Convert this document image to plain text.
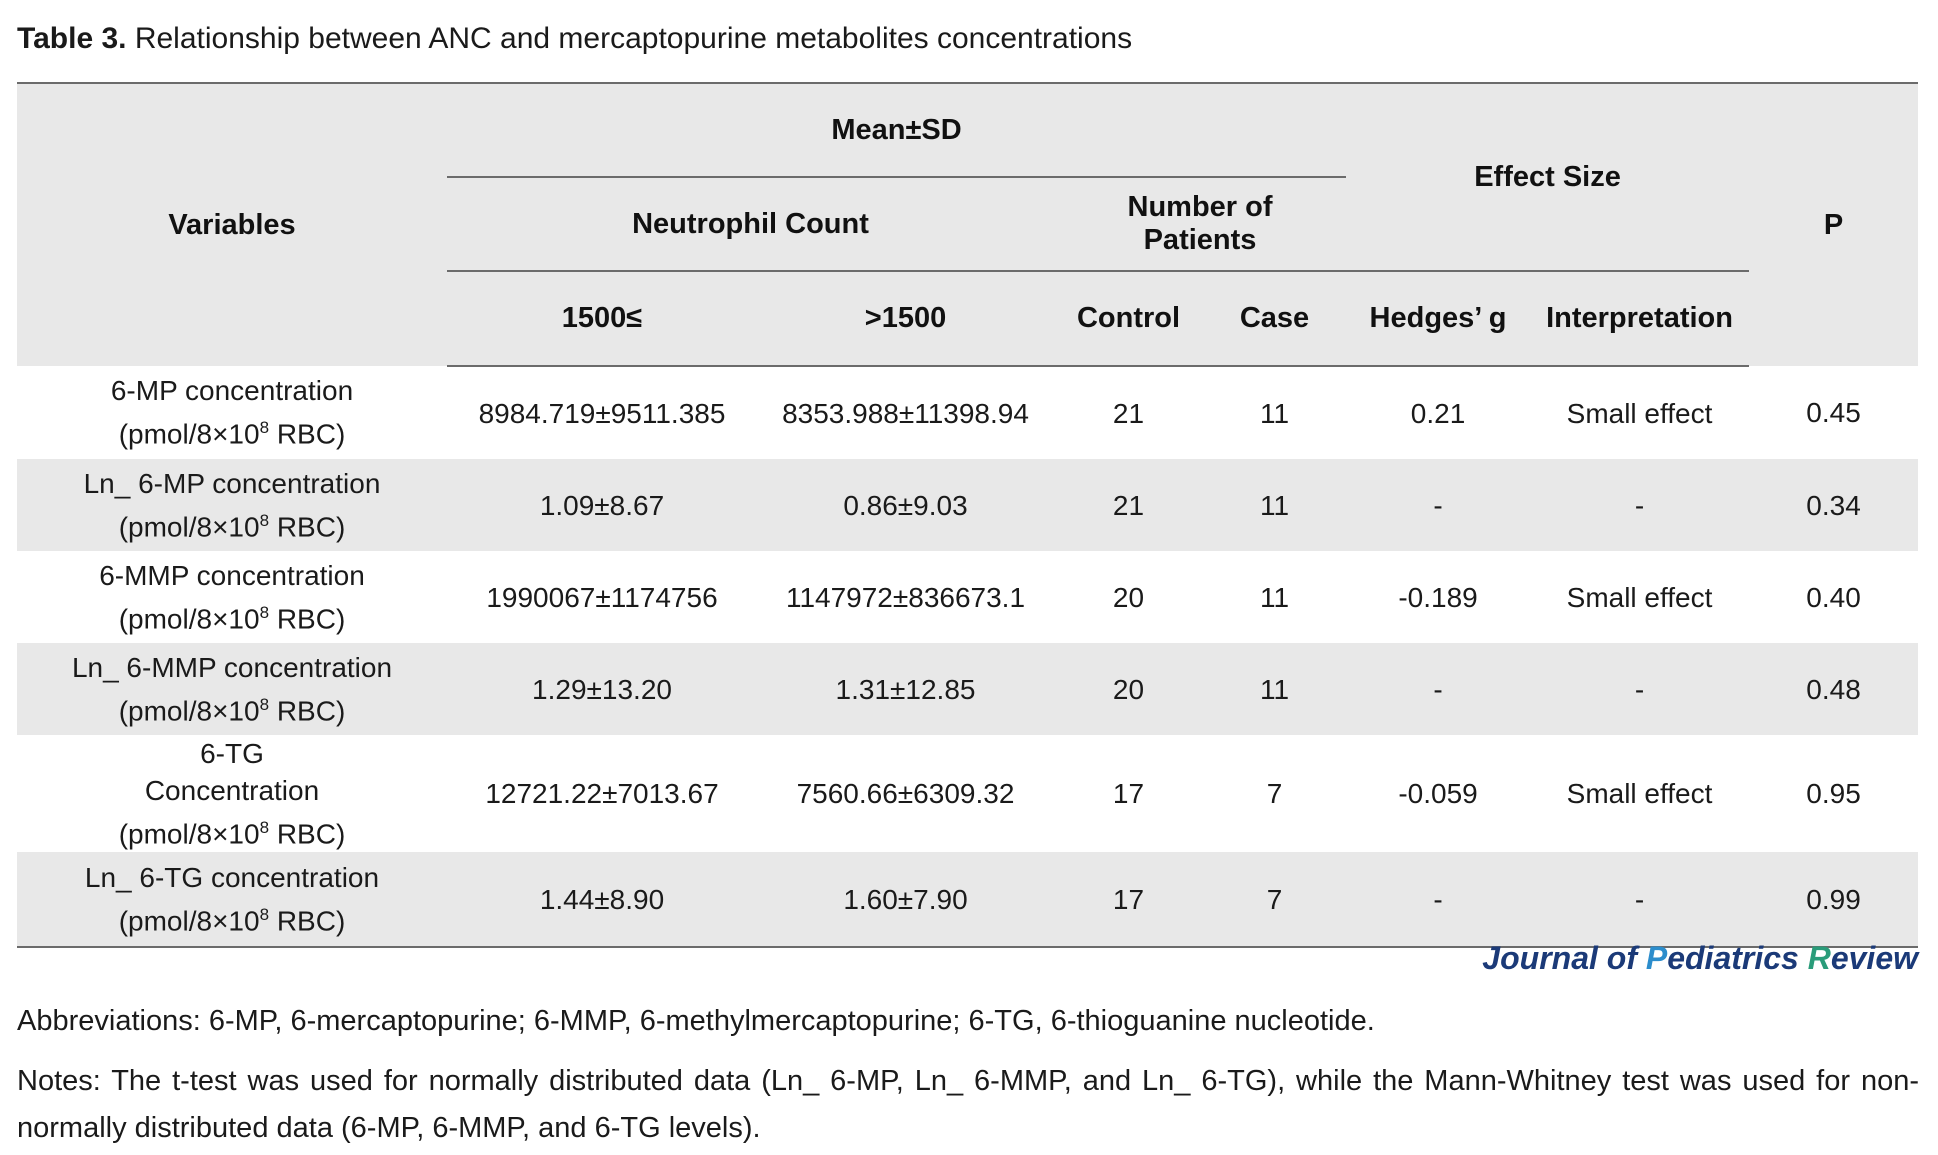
Table 3. Relationship between ANC and mercaptopurine metabolites concentrations
Variables	Mean±SD				Effect Size		P
	Neutrophil Count		Number of
Patients				
	1500≤	>1500	Control	Case	Hedges’ g	Interpretation	
6-MP concentration
($pmol/8\times 10^8$ RBC)	8984.719±9511.385	8353.988±11398.94	21	11	0.21	Small effect	0.45
Ln_ 6-MP concentration
($pmol/8\times 10^8$ RBC)	1.09±8.67	0.86±9.03	21	11	-	-	0.34
6-MMP concentration
($pmol/8\times 10^8$ RBC)	1990067±1174756	1147972±836673.1	20	11	-0.189	Small effect	0.40
Ln_ 6-MMP concentration
($pmol/8\times 10^8$ RBC)	1.29±13.20	1.31±12.85	20	11	-	-	0.48
6-TG
Concentration
($pmol/8\times 10^8$ RBC)	12721.22±7013.67	7560.66±6309.32	17	7	-0.059	Small effect	0.95
Ln_ 6-TG concentration
($pmol/8\times 10^8$ RBC)	1.44±8.90	1.60±7.90	17	7	-	-	0.99
Journal of Pediatrics Review
Abbreviations: 6-MP, 6-mercaptopurine; 6-MMP, 6-methylmercaptopurine; 6-TG, 6-thioguanine nucleotide.
Notes: The t-test was used for normally distributed data (Ln_ 6-MP, Ln_ 6-MMP, and Ln_ 6-TG), while the Mann-Whitney test was used for non-normally distributed data (6-MP, 6-MMP, and 6-TG levels).
